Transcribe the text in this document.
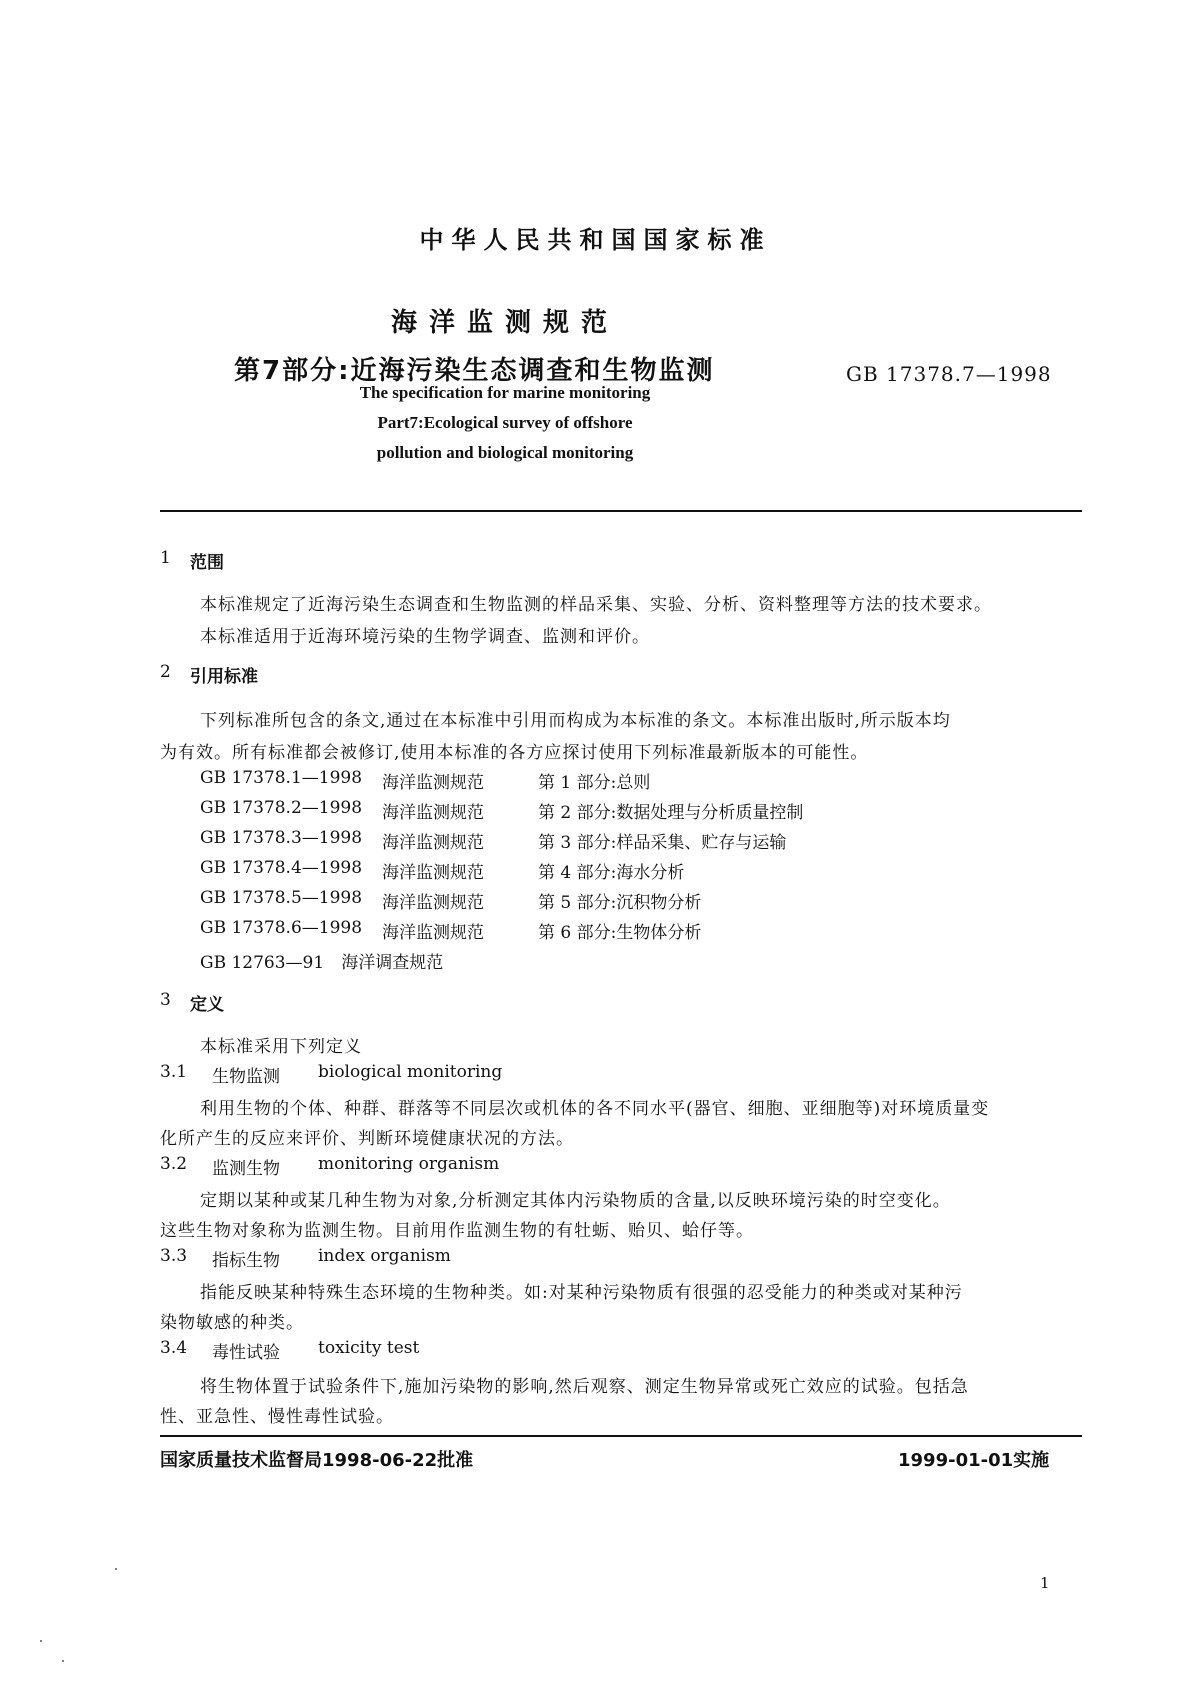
中华人民共和国国家标准
海洋监测规范
第7部分:近海污染生态调查和生物监测	GB 17378.7—1998
The specification for marine monitoring
Part7:Ecological survey of offshore
pollution and biological monitoring
1 范围
本标准规定了近海污染生态调查和生物监测的样品采集、实验、分析、资料整理等方法的技术要求。
本标准适用于近海环境污染的生物学调查、监测和评价。
2 引用标准
下列标准所包含的条文,通过在本标准中引用而构成为本标准的条文。本标准出版时,所示版本均
为有效。所有标准都会被修订,使用本标准的各方应探讨使用下列标准最新版本的可能性。
GB 17378.1—1998 海洋监测规范	第 1 部分:总则
GB 17378.2—1998 海洋监测规范	第 2 部分:数据处理与分析质量控制
GB 17378.3—1998 海洋监测规范	第 3 部分:样品采集、贮存与运输
GB 17378.4—1998 海洋监测规范	第 4 部分:海水分析
GB 17378.5—1998 海洋监测规范	第 5 部分:沉积物分析
GB 17378.6—1998 海洋监测规范	第 6 部分:生物体分析
GB 12763—91　海洋调查规范
3 定义
本标准采用下列定义
3.1 生物监测 biological monitoring
利用生物的个体、种群、群落等不同层次或机体的各不同水平(器官、细胞、亚细胞等)对环境质量变
化所产生的反应来评价、判断环境健康状况的方法。
3.2 监测生物 monitoring organism
定期以某种或某几种生物为对象,分析测定其体内污染物质的含量,以反映环境污染的时空变化。
这些生物对象称为监测生物。目前用作监测生物的有牡蛎、贻贝、蛤仔等。
3.3 指标生物 index organism
指能反映某种特殊生态环境的生物种类。如:对某种污染物质有很强的忍受能力的种类或对某种污
染物敏感的种类。
3.4 毒性试验 toxicity test
将生物体置于试验条件下,施加污染物的影响,然后观察、测定生物异常或死亡效应的试验。包括急
性、亚急性、慢性毒性试验。
国家质量技术监督局1998-06-22批准	1999-01-01实施
1
